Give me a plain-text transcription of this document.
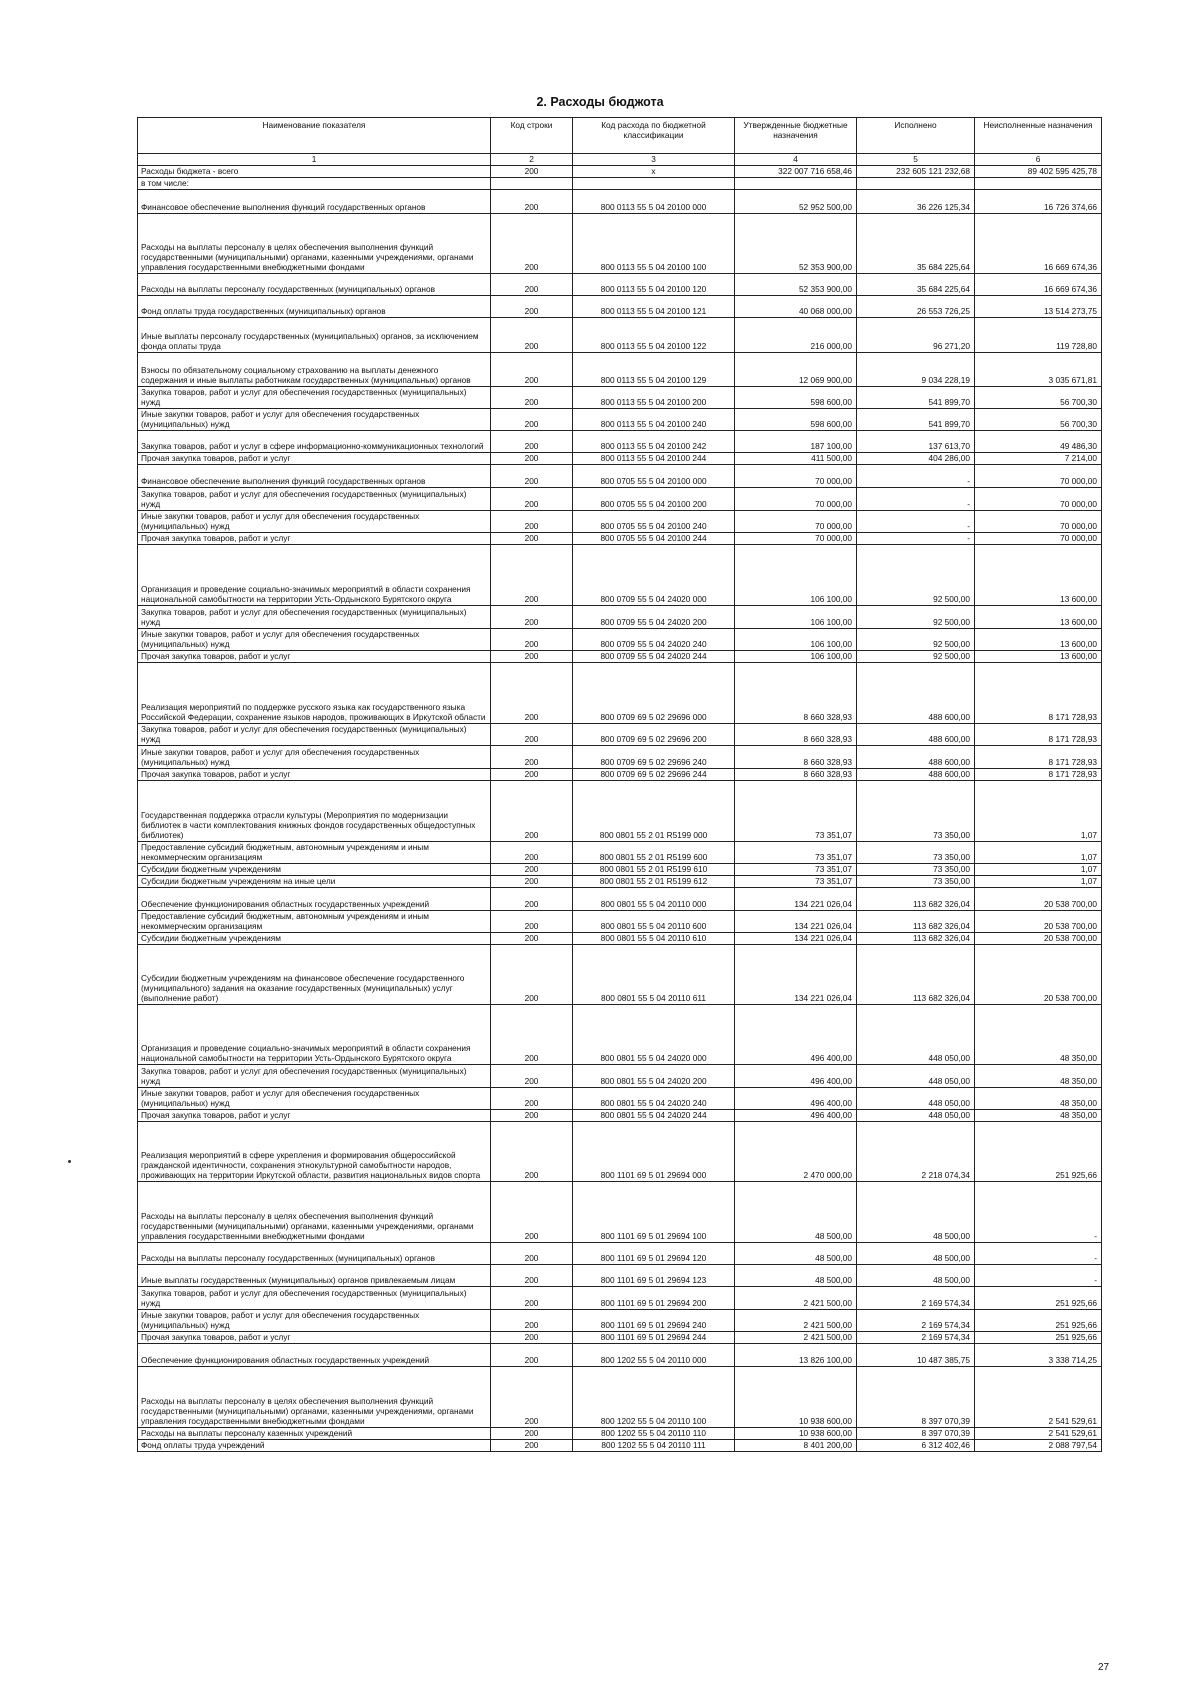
2. Расходы бюджота
Наименование показателя	Код строки	Код расхода по бюджетной классификации	Утвержденные бюджетные назначения	Исполнено	Неисполненные назначения
1	2	3	4	5	6
Расходы бюджета - всего	200	x	322 007 716 658,46	232 605 121 232,68	89 402 595 425,78
в том числе:					
Финансовое обеспечение выполнения функций государственных органов	200	800 0113 55 5 04 20100 000	52 952 500,00	36 226 125,34	16 726 374,66
Расходы на выплаты персоналу в целях обеспечения выполнения функций государственными (муниципальными) органами, казенными учреждениями, органами управления государственными внебюджетными фондами	200	800 0113 55 5 04 20100 100	52 353 900,00	35 684 225,64	16 669 674,36
Расходы на выплаты персоналу государственных (муниципальных) органов	200	800 0113 55 5 04 20100 120	52 353 900,00	35 684 225,64	16 669 674,36
Фонд оплаты труда государственных (муниципальных) органов	200	800 0113 55 5 04 20100 121	40 068 000,00	26 553 726,25	13 514 273,75
Иные выплаты персоналу государственных (муниципальных) органов, за исключением фонда оплаты труда	200	800 0113 55 5 04 20100 122	216 000,00	96 271,20	119 728,80
Взносы по обязательному социальному страхованию на выплаты денежного содержания и иные выплаты работникам государственных (муниципальных) органов	200	800 0113 55 5 04 20100 129	12 069 900,00	9 034 228,19	3 035 671,81
Закупка товаров, работ и услуг для обеспечения государственных (муниципальных) нужд	200	800 0113 55 5 04 20100 200	598 600,00	541 899,70	56 700,30
Иные закупки товаров, работ и услуг для обеспечения государственных (муниципальных) нужд	200	800 0113 55 5 04 20100 240	598 600,00	541 899,70	56 700,30
Закупка товаров, работ и услуг в сфере информационно-коммуникационных технологий	200	800 0113 55 5 04 20100 242	187 100,00	137 613,70	49 486,30
Прочая закупка товаров, работ и услуг	200	800 0113 55 5 04 20100 244	411 500,00	404 286,00	7 214,00
Финансовое обеспечение выполнения функций государственных органов	200	800 0705 55 5 04 20100 000	70 000,00	-	70 000,00
Закупка товаров, работ и услуг для обеспечения государственных (муниципальных) нужд	200	800 0705 55 5 04 20100 200	70 000,00	-	70 000,00
Иные закупки товаров, работ и услуг для обеспечения государственных (муниципальных) нужд	200	800 0705 55 5 04 20100 240	70 000,00	-	70 000,00
Прочая закупка товаров, работ и услуг	200	800 0705 55 5 04 20100 244	70 000,00	-	70 000,00
Организация и проведение социально-значимых мероприятий в области сохранения национальной самобытности на территории Усть-Ордынского Бурятского округа	200	800 0709 55 5 04 24020 000	106 100,00	92 500,00	13 600,00
Закупка товаров, работ и услуг для обеспечения государственных (муниципальных) нужд	200	800 0709 55 5 04 24020 200	106 100,00	92 500,00	13 600,00
Иные закупки товаров, работ и услуг для обеспечения государственных (муниципальных) нужд	200	800 0709 55 5 04 24020 240	106 100,00	92 500,00	13 600,00
Прочая закупка товаров, работ и услуг	200	800 0709 55 5 04 24020 244	106 100,00	92 500,00	13 600,00
Реализация мероприятий по поддержке русского языка как государственного языка Российской Федерации, сохранение языков народов, проживающих в Иркутской области	200	800 0709 69 5 02 29696 000	8 660 328,93	488 600,00	8 171 728,93
Закупка товаров, работ и услуг для обеспечения государственных (муниципальных) нужд	200	800 0709 69 5 02 29696 200	8 660 328,93	488 600,00	8 171 728,93
Иные закупки товаров, работ и услуг для обеспечения государственных (муниципальных) нужд	200	800 0709 69 5 02 29696 240	8 660 328,93	488 600,00	8 171 728,93
Прочая закупка товаров, работ и услуг	200	800 0709 69 5 02 29696 244	8 660 328,93	488 600,00	8 171 728,93
Государственная поддержка отрасли культуры (Мероприятия по модернизации библиотек в части комплектования книжных фондов государственных общедоступных библиотек)	200	800 0801 55 2 01 R5199 000	73 351,07	73 350,00	1,07
Предоставление субсидий бюджетным, автономным учреждениям и иным некоммерческим организациям	200	800 0801 55 2 01 R5199 600	73 351,07	73 350,00	1,07
Субсидии бюджетным учреждениям	200	800 0801 55 2 01 R5199 610	73 351,07	73 350,00	1,07
Субсидии бюджетным учреждениям на иные цели	200	800 0801 55 2 01 R5199 612	73 351,07	73 350,00	1,07
Обеспечение функционирования областных государственных учреждений	200	800 0801 55 5 04 20110 000	134 221 026,04	113 682 326,04	20 538 700,00
Предоставление субсидий бюджетным, автономным учреждениям и иным некоммерческим организациям	200	800 0801 55 5 04 20110 600	134 221 026,04	113 682 326,04	20 538 700,00
Субсидии бюджетным учреждениям	200	800 0801 55 5 04 20110 610	134 221 026,04	113 682 326,04	20 538 700,00
Субсидии бюджетным учреждениям на финансовое обеспечение государственного (муниципального) задания на оказание государственных (муниципальных) услуг (выполнение работ)	200	800 0801 55 5 04 20110 611	134 221 026,04	113 682 326,04	20 538 700,00
Организация и проведение социально-значимых мероприятий в области сохранения национальной самобытности на территории Усть-Ордынского Бурятского округа	200	800 0801 55 5 04 24020 000	496 400,00	448 050,00	48 350,00
Закупка товаров, работ и услуг для обеспечения государственных (муниципальных) нужд	200	800 0801 55 5 04 24020 200	496 400,00	448 050,00	48 350,00
Иные закупки товаров, работ и услуг для обеспечения государственных (муниципальных) нужд	200	800 0801 55 5 04 24020 240	496 400,00	448 050,00	48 350,00
Прочая закупка товаров, работ и услуг	200	800 0801 55 5 04 24020 244	496 400,00	448 050,00	48 350,00
Реализация мероприятий в сфере укрепления и формирования общероссийской гражданской идентичности, сохранения этнокультурной самобытности народов, проживающих на территории Иркутской области, развития национальных видов спорта	200	800 1101 69 5 01 29694 000	2 470 000,00	2 218 074,34	251 925,66
Расходы на выплаты персоналу в целях обеспечения выполнения функций государственными (муниципальными) органами, казенными учреждениями, органами управления государственными внебюджетными фондами	200	800 1101 69 5 01 29694 100	48 500,00	48 500,00	-
Расходы на выплаты персоналу государственных (муниципальных) органов	200	800 1101 69 5 01 29694 120	48 500,00	48 500,00	-
Иные выплаты государственных (муниципальных) органов привлекаемым лицам	200	800 1101 69 5 01 29694 123	48 500,00	48 500,00	-
Закупка товаров, работ и услуг для обеспечения государственных (муниципальных) нужд	200	800 1101 69 5 01 29694 200	2 421 500,00	2 169 574,34	251 925,66
Иные закупки товаров, работ и услуг для обеспечения государственных (муниципальных) нужд	200	800 1101 69 5 01 29694 240	2 421 500,00	2 169 574,34	251 925,66
Прочая закупка товаров, работ и услуг	200	800 1101 69 5 01 29694 244	2 421 500,00	2 169 574,34	251 925,66
Обеспечение функционирования областных государственных учреждений	200	800 1202 55 5 04 20110 000	13 826 100,00	10 487 385,75	3 338 714,25
Расходы на выплаты персоналу в целях обеспечения выполнения функций государственными (муниципальными) органами, казенными учреждениями, органами управления государственными внебюджетными фондами	200	800 1202 55 5 04 20110 100	10 938 600,00	8 397 070,39	2 541 529,61
Расходы на выплаты персоналу казенных учреждений	200	800 1202 55 5 04 20110 110	10 938 600,00	8 397 070,39	2 541 529,61
Фонд оплаты труда учреждений	200	800 1202 55 5 04 20110 111	8 401 200,00	6 312 402,46	2 088 797,54
27
